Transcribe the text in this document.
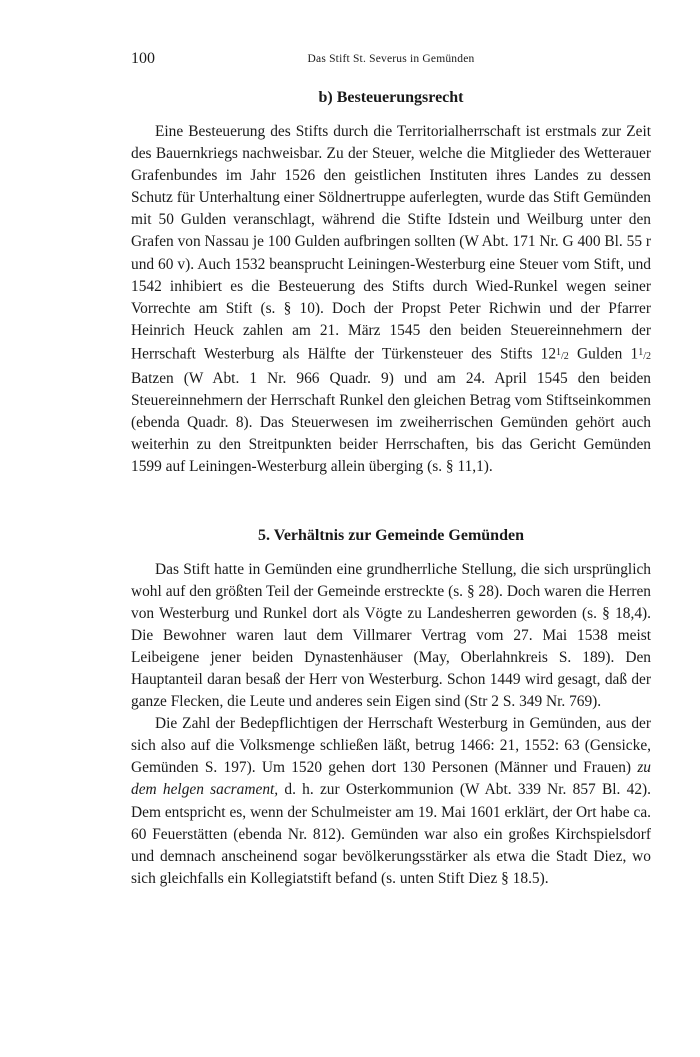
100	Das Stift St. Severus in Gemünden
b) Besteuerungsrecht

Eine Besteuerung des Stifts durch die Territorialherrschaft ist erstmals zur Zeit des Bauernkriegs nachweisbar. Zu der Steuer, welche die Mitglieder des Wetterauer Grafenbundes im Jahr 1526 den geistlichen Instituten ihres Landes zu dessen Schutz für Unterhaltung einer Söldnertruppe auferlegten, wurde das Stift Gemünden mit 50 Gulden veranschlagt, während die Stifte Idstein und Weilburg unter den Grafen von Nassau je 100 Gulden aufbringen sollten (W Abt. 171 Nr. G 400 Bl. 55 r und 60 v). Auch 1532 beansprucht Leiningen-Westerburg eine Steuer vom Stift, und 1542 inhibiert es die Besteuerung des Stifts durch Wied-Runkel wegen seiner Vorrechte am Stift (s. § 10). Doch der Propst Peter Richwin und der Pfarrer Heinrich Heuck zahlen am 21. März 1545 den beiden Steuereinnehmern der Herrschaft Westerburg als Hälfte der Türkensteuer des Stifts $12^1/2$ Gulden $1^1/2$ Batzen (W Abt. 1 Nr. 966 Quadr. 9) und am 24. April 1545 den beiden Steuereinnehmern der Herrschaft Runkel den gleichen Betrag vom Stiftseinkommen (ebenda Quadr. 8). Das Steuerwesen im zweiherrischen Gemünden gehört auch weiterhin zu den Streitpunkten beider Herrschaften, bis das Gericht Gemünden 1599 auf Leiningen-Westerburg allein überging (s. § 11,1).

5. Verhältnis zur Gemeinde Gemünden

Das Stift hatte in Gemünden eine grundherrliche Stellung, die sich ursprünglich wohl auf den größten Teil der Gemeinde erstreckte (s. § 28). Doch waren die Herren von Westerburg und Runkel dort als Vögte zu Landesherren geworden (s. § 18,4). Die Bewohner waren laut dem Villmarer Vertrag vom 27. Mai 1538 meist Leibeigene jener beiden Dynastenhäuser (May, Oberlahnkreis S. 189). Den Hauptanteil daran besaß der Herr von Westerburg. Schon 1449 wird gesagt, daß der ganze Flecken, die Leute und anderes sein Eigen sind (Str 2 S. 349 Nr. 769).

Die Zahl der Bedepflichtigen der Herrschaft Westerburg in Gemünden, aus der sich also auf die Volksmenge schließen läßt, betrug 1466: 21, 1552: 63 (Gensicke, Gemünden S. 197). Um 1520 gehen dort 130 Personen (Männer und Frauen) zu dem helgen sacrament, d. h. zur Osterkommunion (W Abt. 339 Nr. 857 Bl. 42). Dem entspricht es, wenn der Schulmeister am 19. Mai 1601 erklärt, der Ort habe ca. 60 Feuerstätten (ebenda Nr. 812). Gemünden war also ein großes Kirchspielsdorf und demnach anscheinend sogar bevölkerungsstärker als etwa die Stadt Diez, wo sich gleichfalls ein Kollegiatstift befand (s. unten Stift Diez § 18.5).
